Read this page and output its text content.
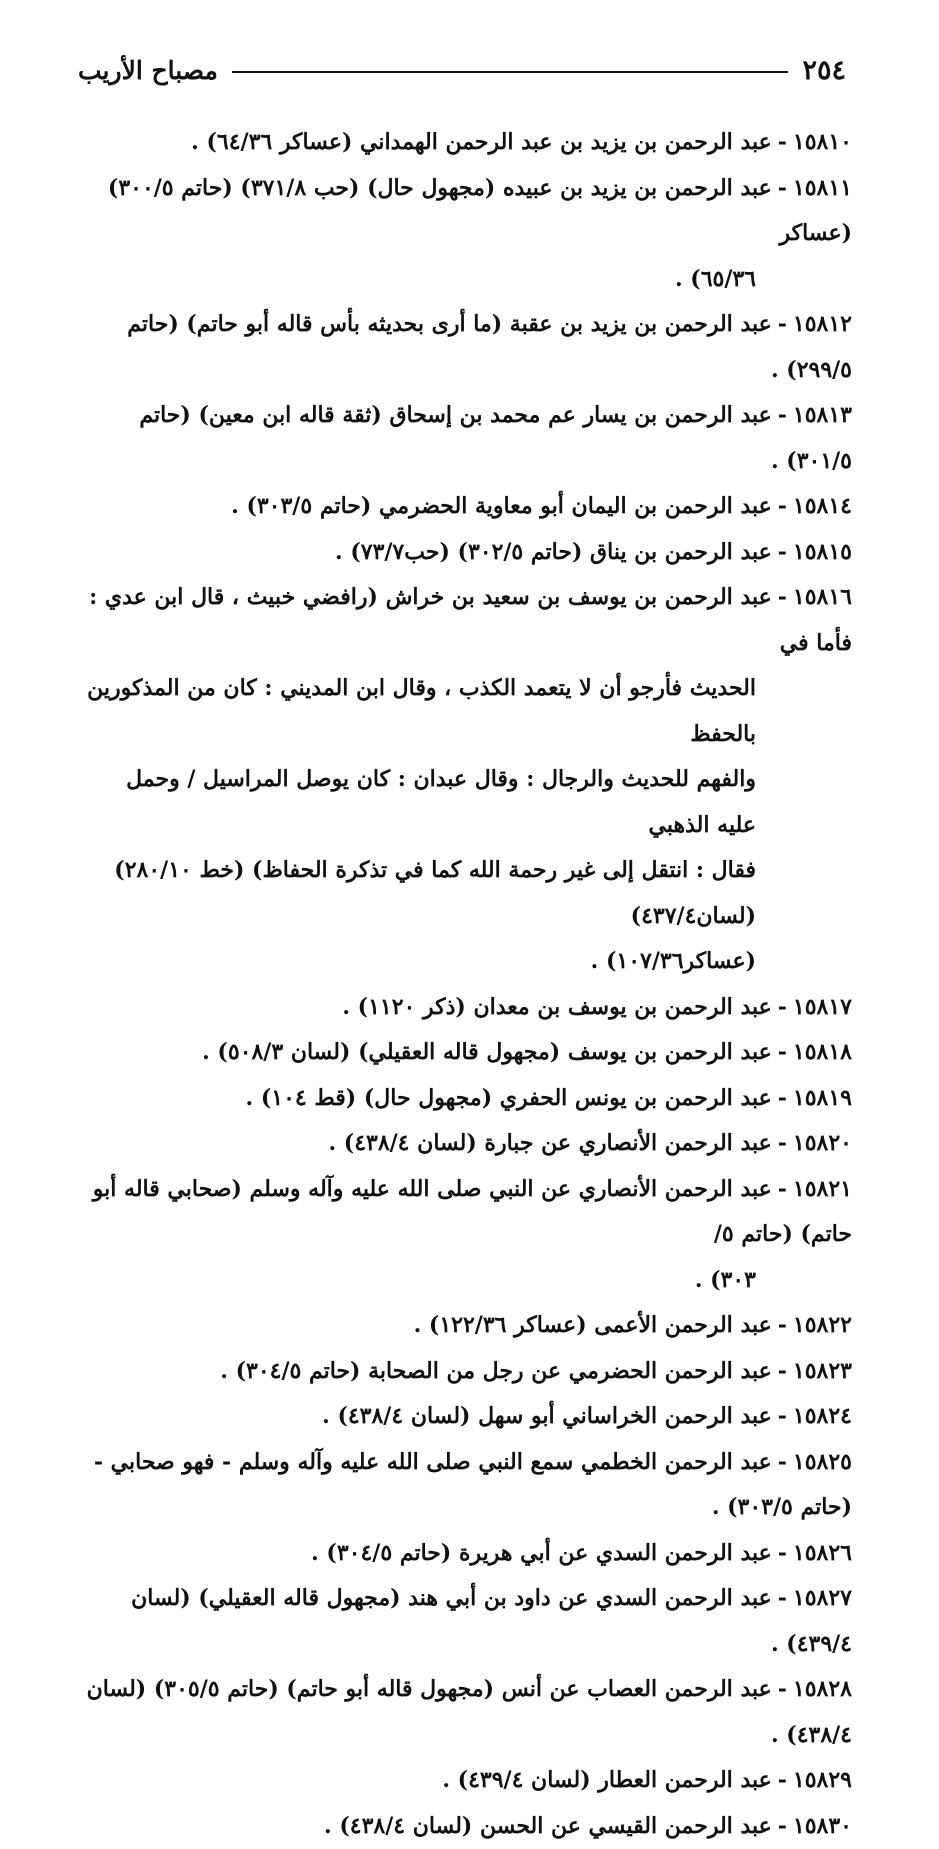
٢٥٤
مصباح الأريب
١٥٨١٠-عبد الرحمن بن يزيد بن عبد الرحمن الهمداني (عساكر ٦٤/٣٦) .
١٥٨١١-عبد الرحمن بن يزيد بن عبيده (مجهول حال) (حب ٣٧١/٨) (حاتم ٣٠٠/٥) (عساكر
٦٥/٣٦) .
١٥٨١٢-عبد الرحمن بن يزيد بن عقبة (ما أرى بحديثه بأس قاله أبو حاتم) (حاتم ٢٩٩/٥) .
١٥٨١٣-عبد الرحمن بن يسار عم محمد بن إسحاق (ثقة قاله ابن معين) (حاتم ٣٠١/٥) .
١٥٨١٤-عبد الرحمن بن اليمان أبو معاوية الحضرمي (حاتم ٣٠٣/٥) .
١٥٨١٥-عبد الرحمن بن يناق (حاتم ٣٠٢/٥) (حب٧٣/٧) .
١٥٨١٦-عبد الرحمن بن يوسف بن سعيد بن خراش (رافضي خبيث ، قال ابن عدي : فأما في
الحديث فأرجو أن لا يتعمد الكذب ، وقال ابن المديني : كان من المذكورين بالحفظ
والفهم للحديث والرجال : وقال عبدان : كان يوصل المراسيل / وحمل عليه الذهبي
فقال : انتقل إلى غير رحمة الله كما في تذكرة الحفاظ) (خط ٢٨٠/١٠) (لسان٤٣٧/٤)
(عساكر١٠٧/٣٦) .
١٥٨١٧-عبد الرحمن بن يوسف بن معدان (ذكر ١١٢٠) .
١٥٨١٨-عبد الرحمن بن يوسف (مجهول قاله العقيلي) (لسان ٥٠٨/٣) .
١٥٨١٩-عبد الرحمن بن يونس الحفري (مجهول حال) (قط ١٠٤) .
١٥٨٢٠-عبد الرحمن الأنصاري عن جبارة (لسان ٤٣٨/٤) .
١٥٨٢١-عبد الرحمن الأنصاري عن النبي صلى الله عليه وآله وسلم (صحابي قاله أبو حاتم) (حاتم ٥/
٣٠٣) .
١٥٨٢٢-عبد الرحمن الأعمى (عساكر ١٢٢/٣٦) .
١٥٨٢٣-عبد الرحمن الحضرمي عن رجل من الصحابة (حاتم ٣٠٤/٥) .
١٥٨٢٤-عبد الرحمن الخراساني أبو سهل (لسان ٤٣٨/٤) .
١٥٨٢٥-عبد الرحمن الخطمي سمع النبي صلى الله عليه وآله وسلم - فهو صحابي - (حاتم ٣٠٣/٥) .
١٥٨٢٦-عبد الرحمن السدي عن أبي هريرة (حاتم ٣٠٤/٥) .
١٥٨٢٧-عبد الرحمن السدي عن داود بن أبي هند (مجهول قاله العقيلي) (لسان ٤٣٩/٤) .
١٥٨٢٨-عبد الرحمن العصاب عن أنس (مجهول قاله أبو حاتم) (حاتم ٣٠٥/٥) (لسان ٤٣٨/٤) .
١٥٨٢٩-عبد الرحمن العطار (لسان ٤٣٩/٤) .
١٥٨٣٠-عبد الرحمن القيسي عن الحسن (لسان ٤٣٨/٤) .
